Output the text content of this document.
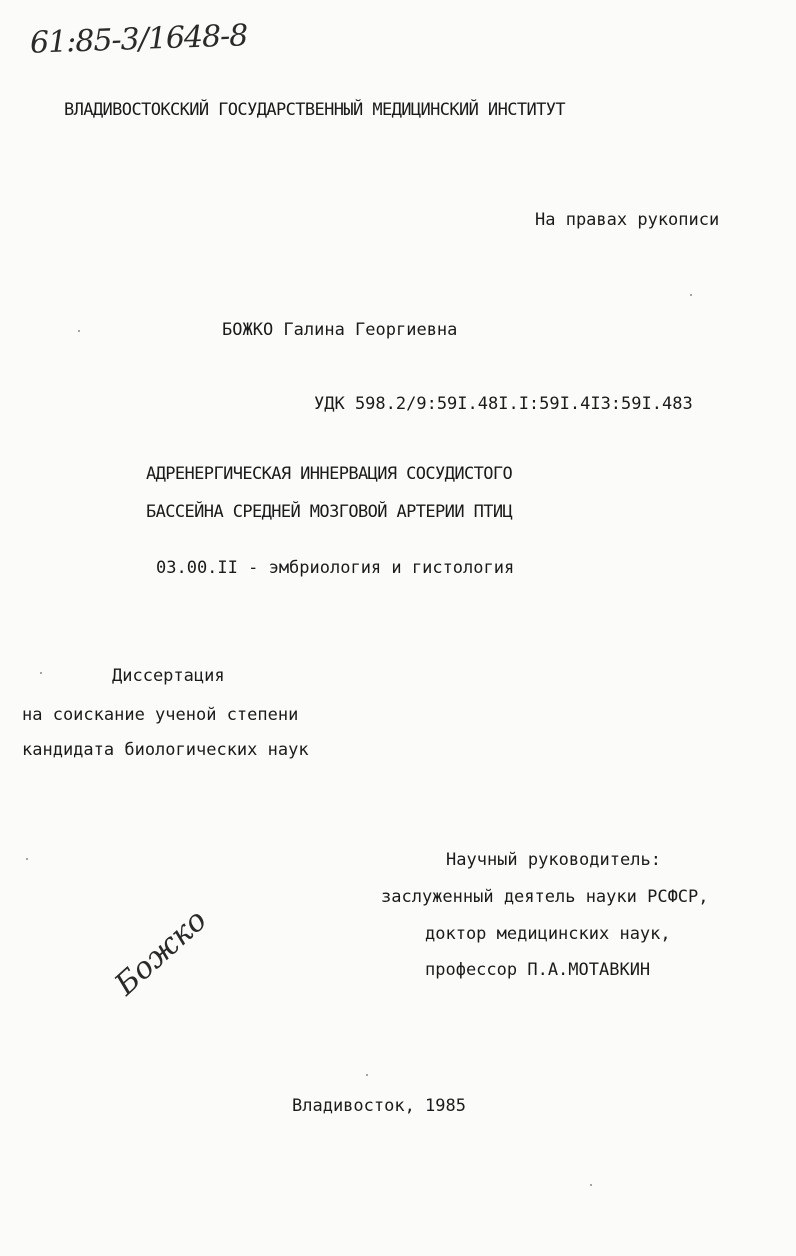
61:85-3/1648-8
ВЛАДИВОСТОКСКИЙ ГОСУДАРСТВЕННЫЙ МЕДИЦИНСКИЙ ИНСТИТУТ
На правах рукописи
БОЖКО Галина Георгиевна
УДК 598.2/9:59I.48I.I:59I.4I3:59I.483
АДРЕНЕРГИЧЕСКАЯ ИННЕРВАЦИЯ СОСУДИСТОГО
БАССЕЙНА СРЕДНЕЙ МОЗГОВОЙ АРТЕРИИ ПТИЦ
03.00.II - эмбриология и гистология
Диссертация
на соискание ученой степени
кандидата биологических наук
Научный руководитель:
заслуженный деятель науки РСФСР,
доктор медицинских наук,
профессор П.А.МОТАВКИН
Божко
Владивосток, 1985
